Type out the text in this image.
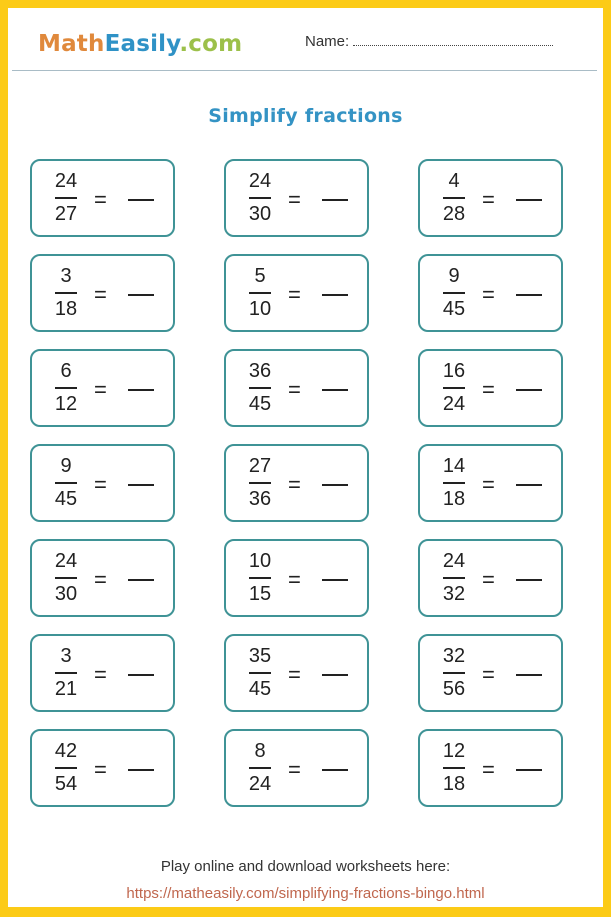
MathEasily.com	Name:
Simplify fractions
24
27
=
24
30
=
4
28
=
3
18
=
5
10
=
9
45
=
6
12
=
36
45
=
16
24
=
9
45
=
27
36
=
14
18
=
24
30
=
10
15
=
24
32
=
3
21
=
35
45
=
32
56
=
42
54
=
8
24
=
12
18
=
Play online and download worksheets here:
https://matheasily.com/simplifying-fractions-bingo.html
